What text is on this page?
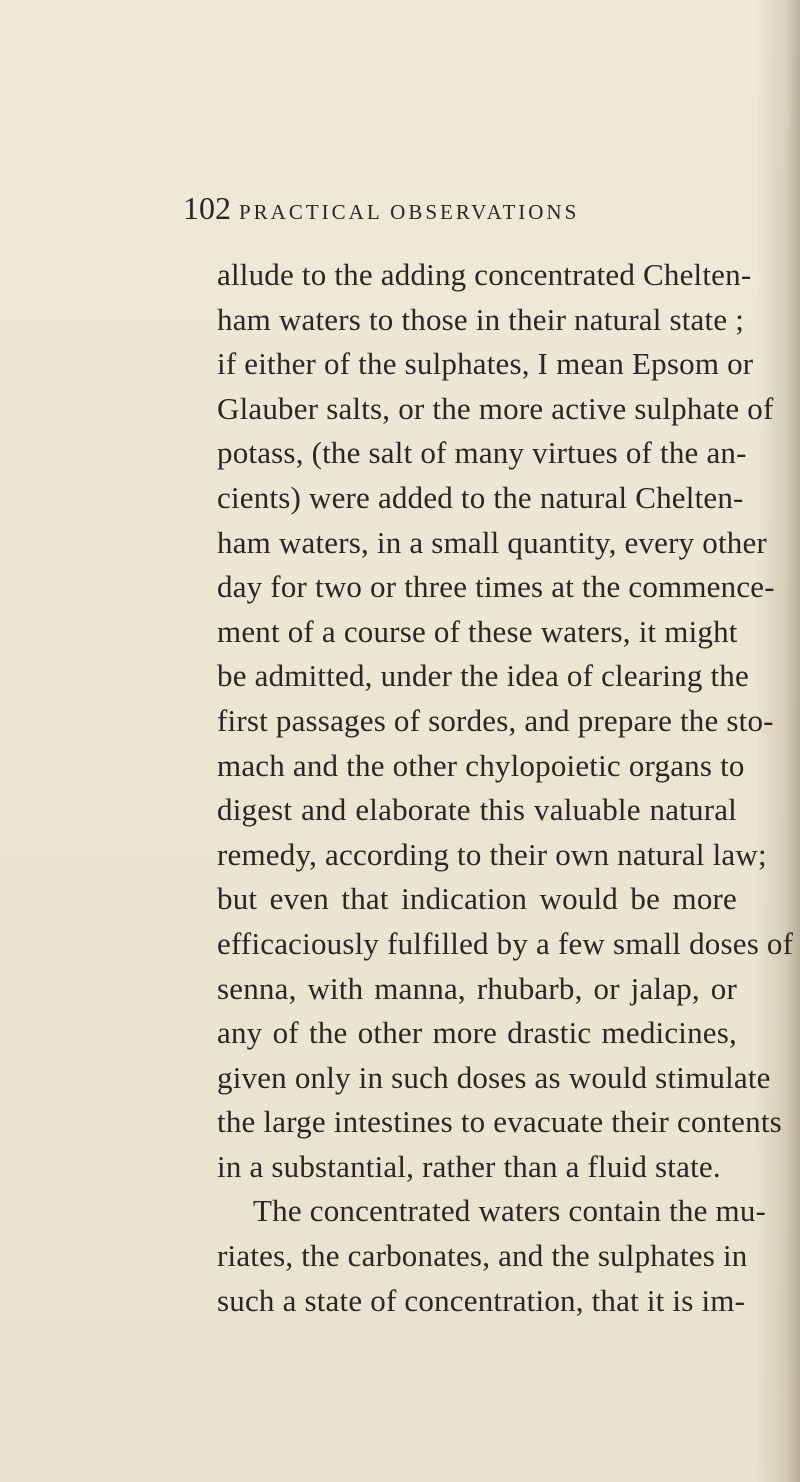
102 PRACTICAL OBSERVATIONS
allude to the adding concentrated Chelten-
ham waters to those in their natural state ;
if either of the sulphates, I mean Epsom or
Glauber salts, or the more active sulphate of
potass, (the salt of many virtues of the an-
cients) were added to the natural Chelten-
ham waters, in a small quantity, every other
day for two or three times at the commence-
ment of a course of these waters, it might
be admitted, under the idea of clearing the
first passages of sordes, and prepare the sto-
mach and the other chylopoietic organs to
digest and elaborate this valuable natural
remedy, according to their own natural law;
but even that indication would be more
efficaciously fulfilled by a few small doses of
senna, with manna, rhubarb, or jalap, or
any of the other more drastic medicines,
given only in such doses as would stimulate
the large intestines to evacuate their contents
in a substantial, rather than a fluid state.
The concentrated waters contain the mu-
riates, the carbonates, and the sulphates in
such a state of concentration, that it is im-
